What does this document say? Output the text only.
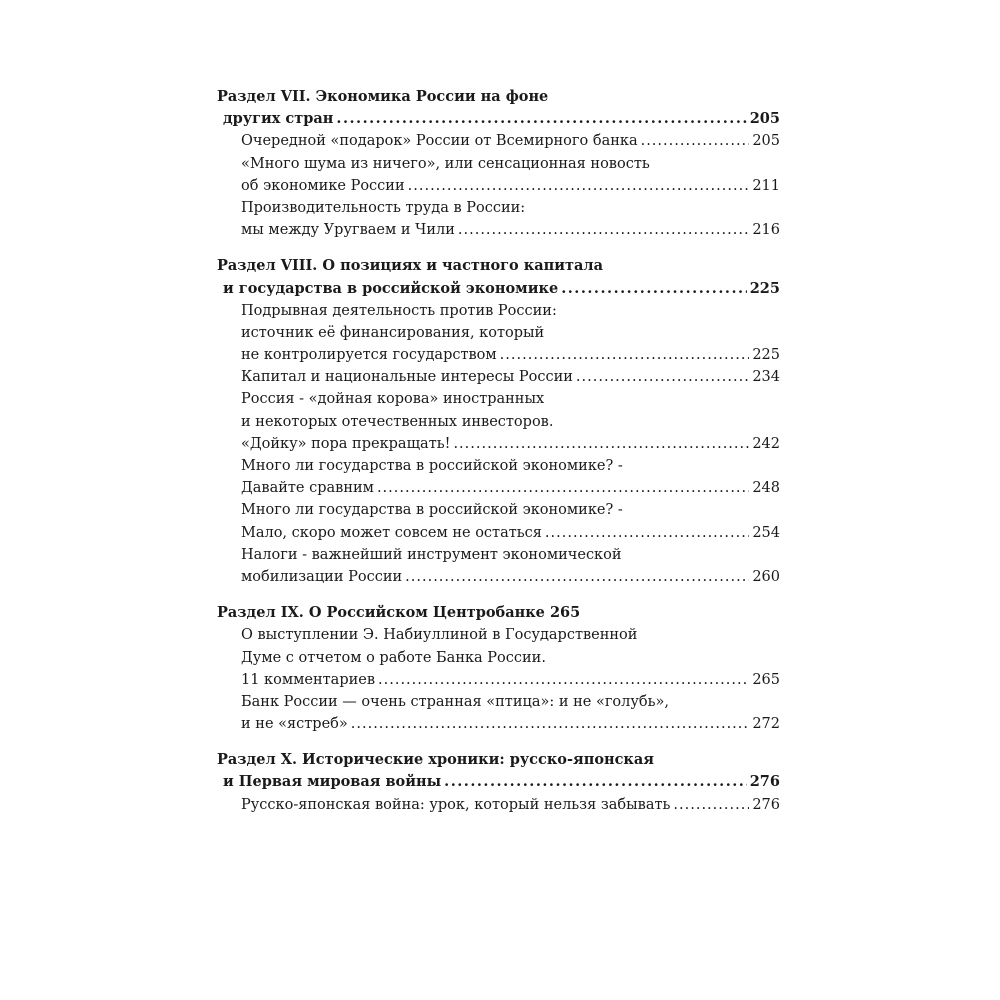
Раздел VII. Экономика России на фоне
других стран .....	205
Очередной «подарок» России от Всемирного банка .....	205
«Много шума из ничего», или сенсационная новость
об экономике России .....	211
Производительность труда в России:
мы между Уругваем и Чили .....	216
Раздел VIII. О позициях и частного капитала
и государства в российской экономике .....	225
Подрывная деятельность против России:
источник её финансирования, который
не контролируется государством .....	225
Капитал и национальные интересы России .....	234
Россия - «дойная корова» иностранных
и некоторых отечественных инвесторов.
«Дойку» пора прекращать! .....	242
Много ли государства в российской экономике? -
Давайте сравним .....	248
Много ли государства в российской экономике? -
Мало, скоро может совсем не остаться .....	254
Налоги - важнейший инструмент экономической
мобилизации России .....	260
Раздел IX. О Российском Центробанке 265
О выступлении Э. Набиуллиной в Государственной
Думе с отчетом о работе Банка России.
11 комментариев .....	265
Банк России — очень странная «птица»: и не «голубь»,
и не «ястреб» .....	272
Раздел X. Исторические хроники: русско-японская
и Первая мировая войны .....	276
Русско-японская война: урок, который нельзя забывать .....	276
